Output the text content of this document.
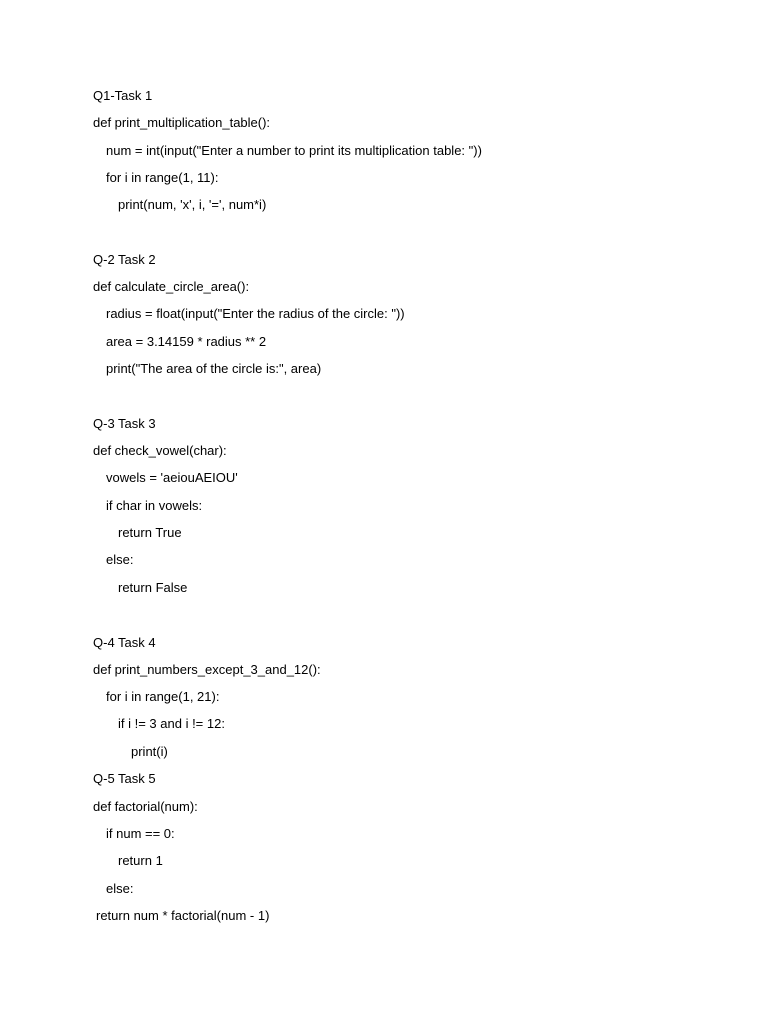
Q1-Task 1
def print_multiplication_table():
num = int(input("Enter a number to print its multiplication table: "))
for i in range(1, 11):
print(num, 'x', i, '=', num*i)
Q-2 Task 2
def calculate_circle_area():
radius = float(input("Enter the radius of the circle: "))
area = 3.14159 * radius ** 2
print("The area of the circle is:", area)
Q-3 Task 3
def check_vowel(char):
vowels = 'aeiouAEIOU'
if char in vowels:
return True
else:
return False
Q-4 Task 4
def print_numbers_except_3_and_12():
for i in range(1, 21):
if i != 3 and i != 12:
print(i)
Q-5 Task 5
def factorial(num):
if num == 0:
return 1
else:
return num * factorial(num - 1)
